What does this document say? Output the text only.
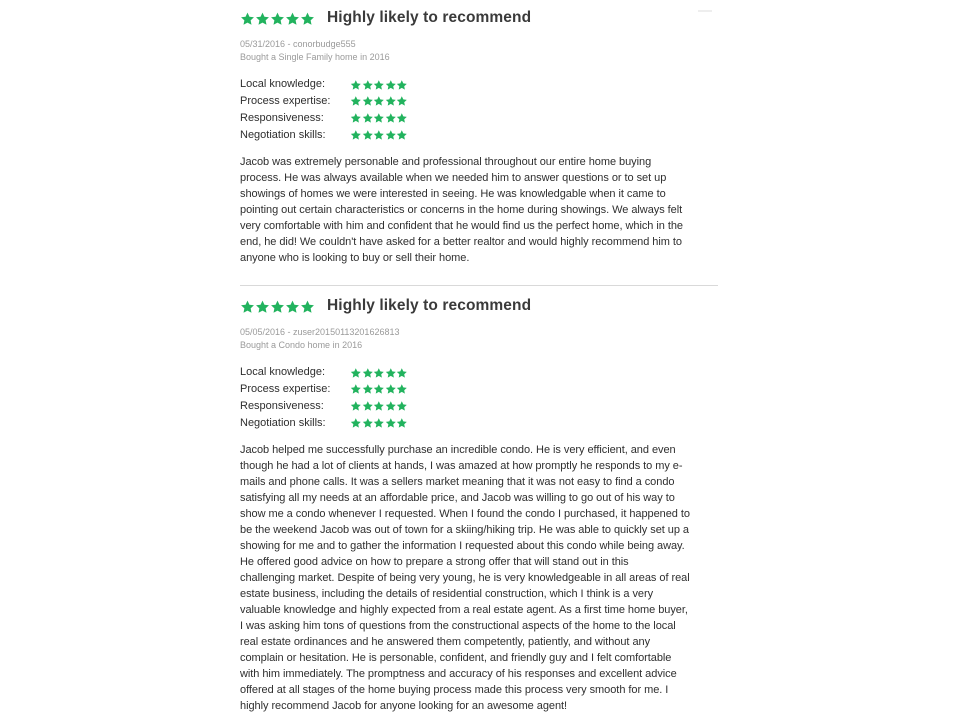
Highly likely to recommend
05/31/2016 - conorbudge555
Bought a Single Family home in 2016
Local knowledge:
Process expertise:
Responsiveness:
Negotiation skills:

Jacob was extremely personable and professional throughout our entire home buying
process. He was always available when we needed him to answer questions or to set up
showings of homes we were interested in seeing. He was knowledgable when it came to
pointing out certain characteristics or concerns in the home during showings. We always felt
very comfortable with him and confident that he would find us the perfect home, which in the
end, he did! We couldn't have asked for a better realtor and would highly recommend him to
anyone who is looking to buy or sell their home.

Highly likely to recommend
05/05/2016 - zuser20150113201626813
Bought a Condo home in 2016
Local knowledge:
Process expertise:
Responsiveness:
Negotiation skills:

Jacob helped me successfully purchase an incredible condo. He is very efficient, and even
though he had a lot of clients at hands, I was amazed at how promptly he responds to my e-
mails and phone calls. It was a sellers market meaning that it was not easy to find a condo
satisfying all my needs at an affordable price, and Jacob was willing to go out of his way to
show me a condo whenever I requested. When I found the condo I purchased, it happened to
be the weekend Jacob was out of town for a skiing/hiking trip. He was able to quickly set up a
showing for me and to gather the information I requested about this condo while being away.
He offered good advice on how to prepare a strong offer that will stand out in this
challenging market. Despite of being very young, he is very knowledgeable in all areas of real
estate business, including the details of residential construction, which I think is a very
valuable knowledge and highly expected from a real estate agent. As a first time home buyer,
I was asking him tons of questions from the constructional aspects of the home to the local
real estate ordinances and he answered them competently, patiently, and without any
complain or hesitation. He is personable, confident, and friendly guy and I felt comfortable
with him immediately. The promptness and accuracy of his responses and excellent advice
offered at all stages of the home buying process made this process very smooth for me. I
highly recommend Jacob for anyone looking for an awesome agent!
